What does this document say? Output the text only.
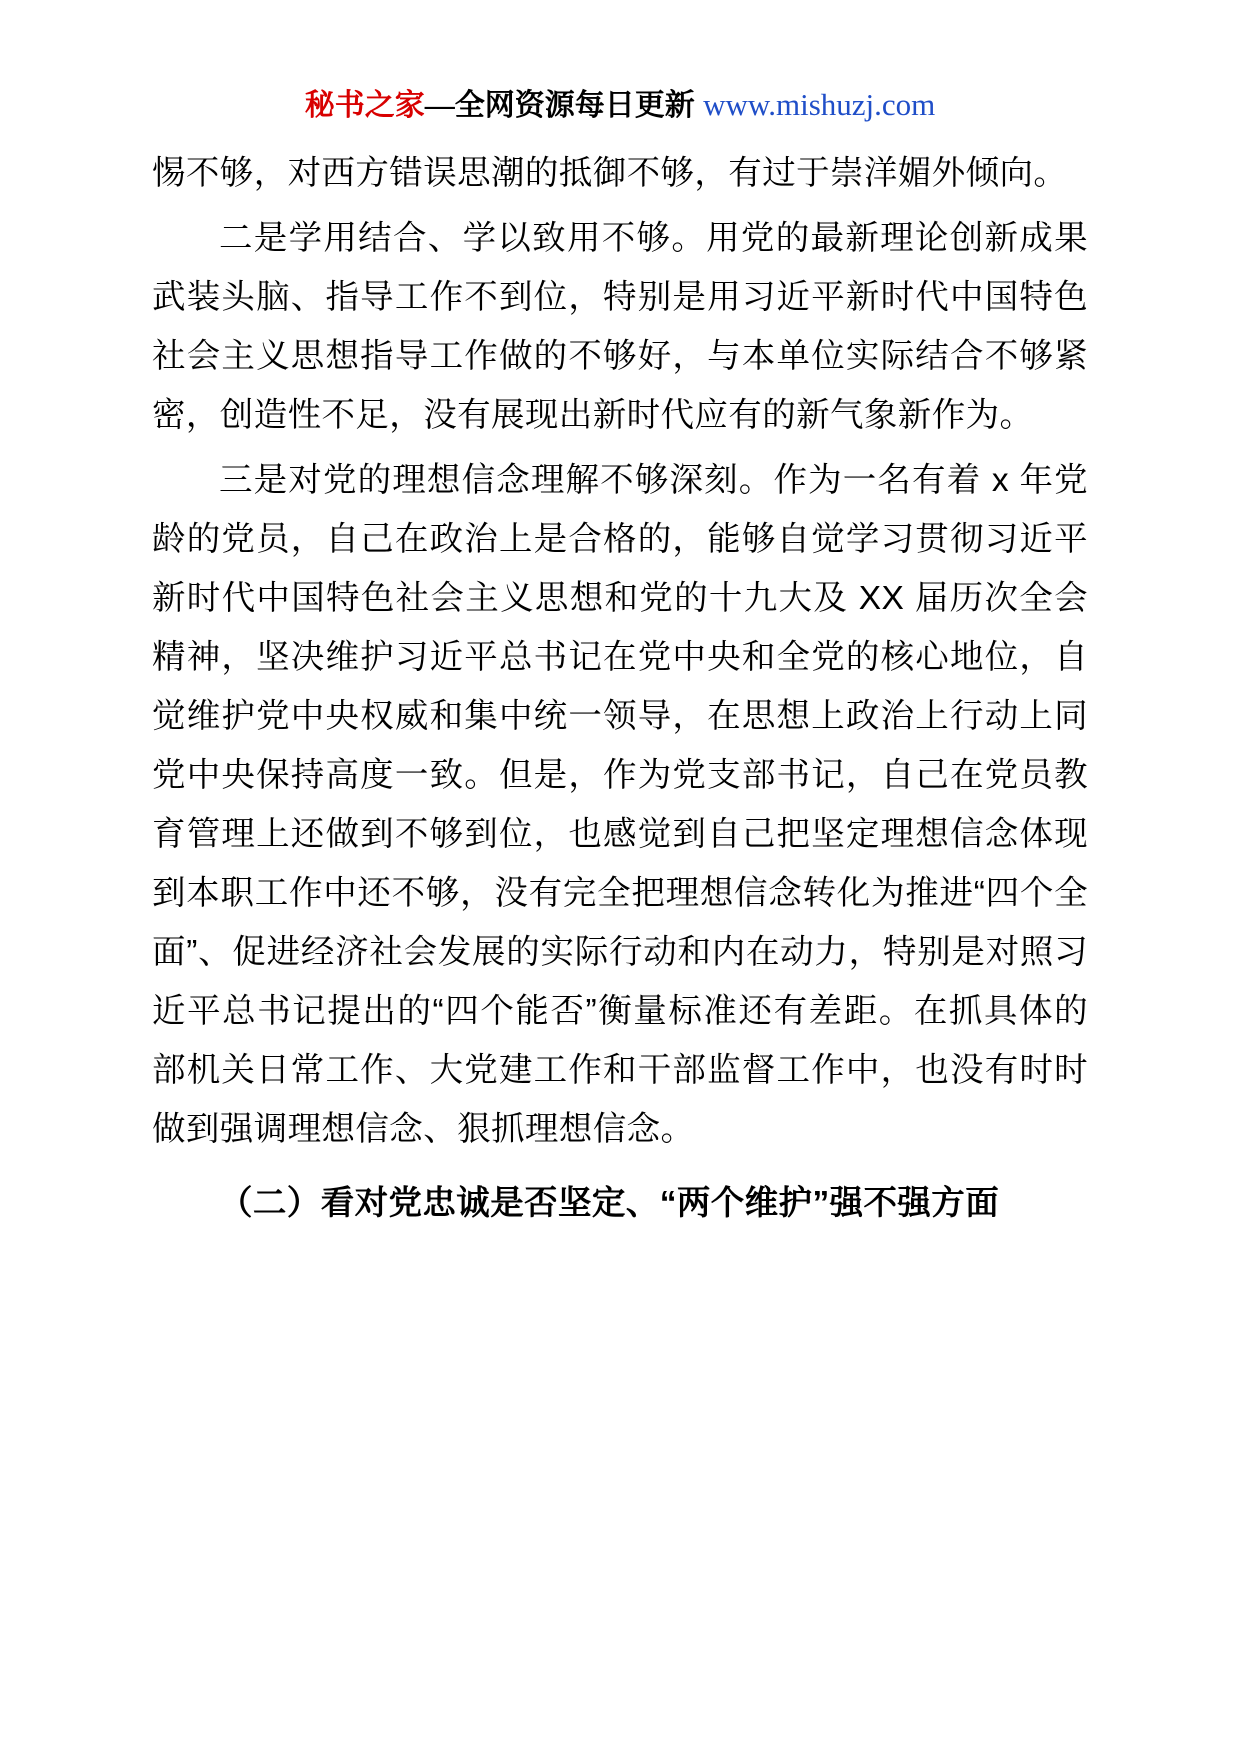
秘书之家—全网资源每日更新 www.mishuzj.com

惕不够，对西方错误思潮的抵御不够，有过于崇洋媚外倾向。

二是学用结合、学以致用不够。用党的最新理论创新成果武装头脑、指导工作不到位，特别是用习近平新时代中国特色社会主义思想指导工作做的不够好，与本单位实际结合不够紧密，创造性不足，没有展现出新时代应有的新气象新作为。

三是对党的理想信念理解不够深刻。作为一名有着 x 年党龄的党员，自己在政治上是合格的，能够自觉学习贯彻习近平新时代中国特色社会主义思想和党的十九大及 XX 届历次全会精神，坚决维护习近平总书记在党中央和全党的核心地位，自觉维护党中央权威和集中统一领导，在思想上政治上行动上同党中央保持高度一致。但是，作为党支部书记，自己在党员教育管理上还做到不够到位，也感觉到自己把坚定理想信念体现到本职工作中还不够，没有完全把理想信念转化为推进“四个全面”、促进经济社会发展的实际行动和内在动力，特别是对照习近平总书记提出的“四个能否”衡量标准还有差距。在抓具体的部机关日常工作、大党建工作和干部监督工作中，也没有时时做到强调理想信念、狠抓理想信念。

（二）看对党忠诚是否坚定、“两个维护”强不强方面
